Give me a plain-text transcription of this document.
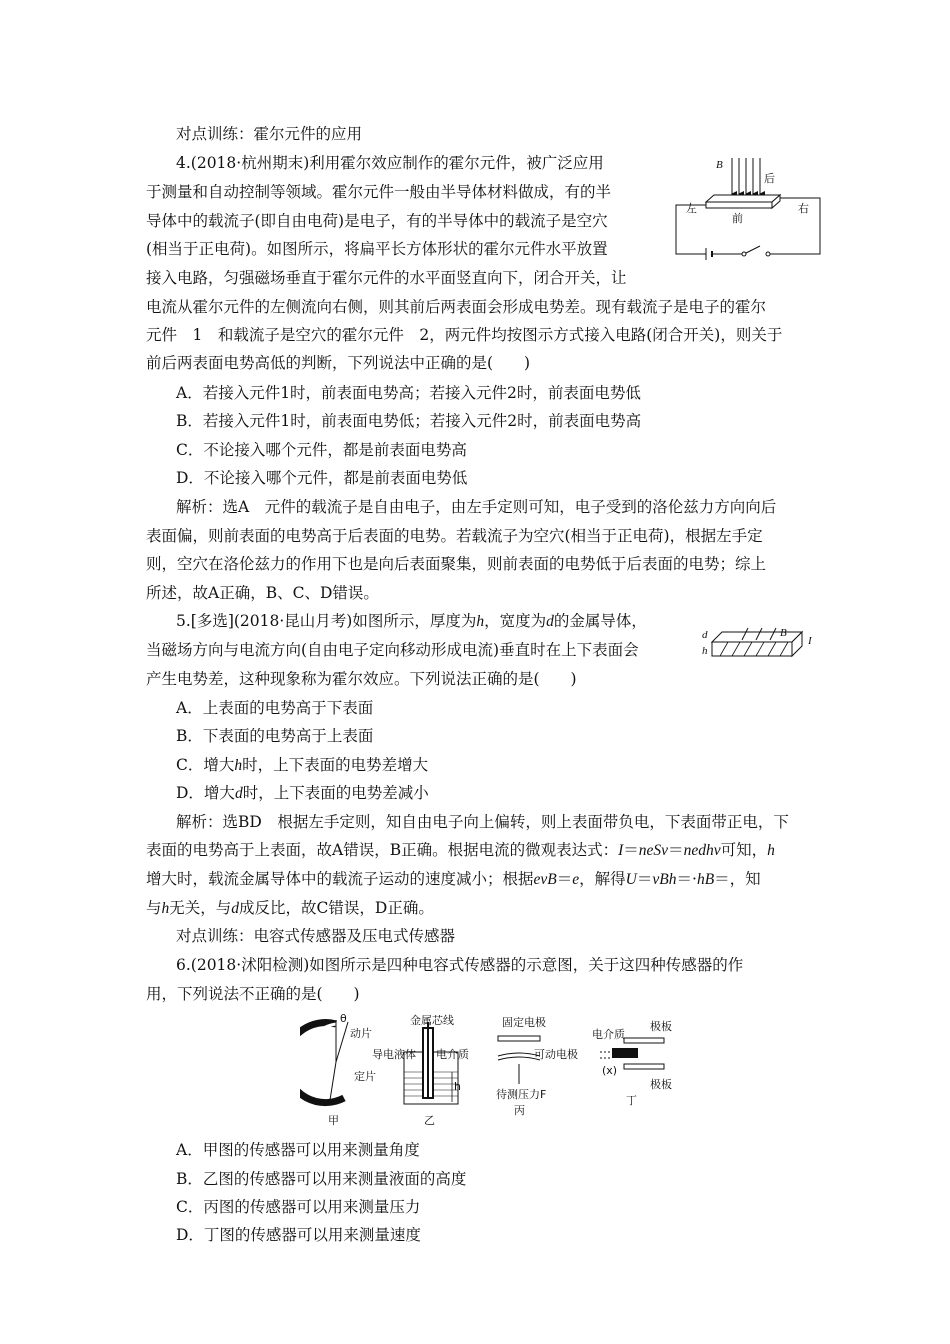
对点训练：霍尔元件的应用
4.(2018·杭州期末)利用霍尔效应制作的霍尔元件，被广泛应用
于测量和自动控制等领域。霍尔元件一般由半导体材料做成，有的半
导体中的载流子(即自由电荷)是电子，有的半导体中的载流子是空穴
(相当于正电荷)。如图所示，将扁平长方体形状的霍尔元件水平放置
接入电路，匀强磁场垂直于霍尔元件的水平面竖直向下，闭合开关，让
电流从霍尔元件的左侧流向右侧，则其前后两表面会形成电势差。现有载流子是电子的霍尔
元件　1　和载流子是空穴的霍尔元件　2，两元件均按图示方式接入电路(闭合开关)，则关于
前后两表面电势高低的判断，下列说法中正确的是(　　)
A．若接入元件1时，前表面电势高；若接入元件2时，前表面电势低
B．若接入元件1时，前表面电势低；若接入元件2时，前表面电势高
C．不论接入哪个元件，都是前表面电势高
D．不论接入哪个元件，都是前表面电势低
解析：选A　元件的载流子是自由电子，由左手定则可知，电子受到的洛伦兹力方向向后
表面偏，则前表面的电势高于后表面的电势。若载流子为空穴(相当于正电荷)，根据左手定
则，空穴在洛伦兹力的作用下也是向后表面聚集，则前表面的电势低于后表面的电势；综上
所述，故A正确，B、C、D错误。
B
后
左
前
右
5.[多选](2018·昆山月考)如图所示，厚度为h，宽度为d的金属导体，
当磁场方向与电流方向(自由电子定向移动形成电流)垂直时在上下表面会
产生电势差，这种现象称为霍尔效应。下列说法正确的是(　　)
A．上表面的电势高于下表面
B．下表面的电势高于上表面
C．增大h时，上下表面的电势差增大
D．增大d时，上下表面的电势差减小
解析：选BD　根据左手定则，知自由电子向上偏转，则上表面带负电，下表面带正电，下
表面的电势高于上表面，故A错误，B正确。根据电流的微观表达式：I＝neSv＝nedhv可知，h
增大时，载流金属导体中的载流子运动的速度减小；根据evB＝e，解得U＝vBh＝·hB＝，知
与h无关，与d成反比，故C错误，D正确。
d
h
B
I
对点训练：电容式传感器及压电式传感器
6.(2018·沭阳检测)如图所示是四种电容式传感器的示意图，关于这四种传感器的作
用，下列说法不正确的是(　　)
θ
动片
定片
甲
h
金属芯线
导电液体 电介质
乙
固定电极
可动电极
待测压力F
丙
电介质
极板
(x)
极板
丁
A．甲图的传感器可以用来测量角度
B．乙图的传感器可以用来测量液面的高度
C．丙图的传感器可以用来测量压力
D．丁图的传感器可以用来测量速度
